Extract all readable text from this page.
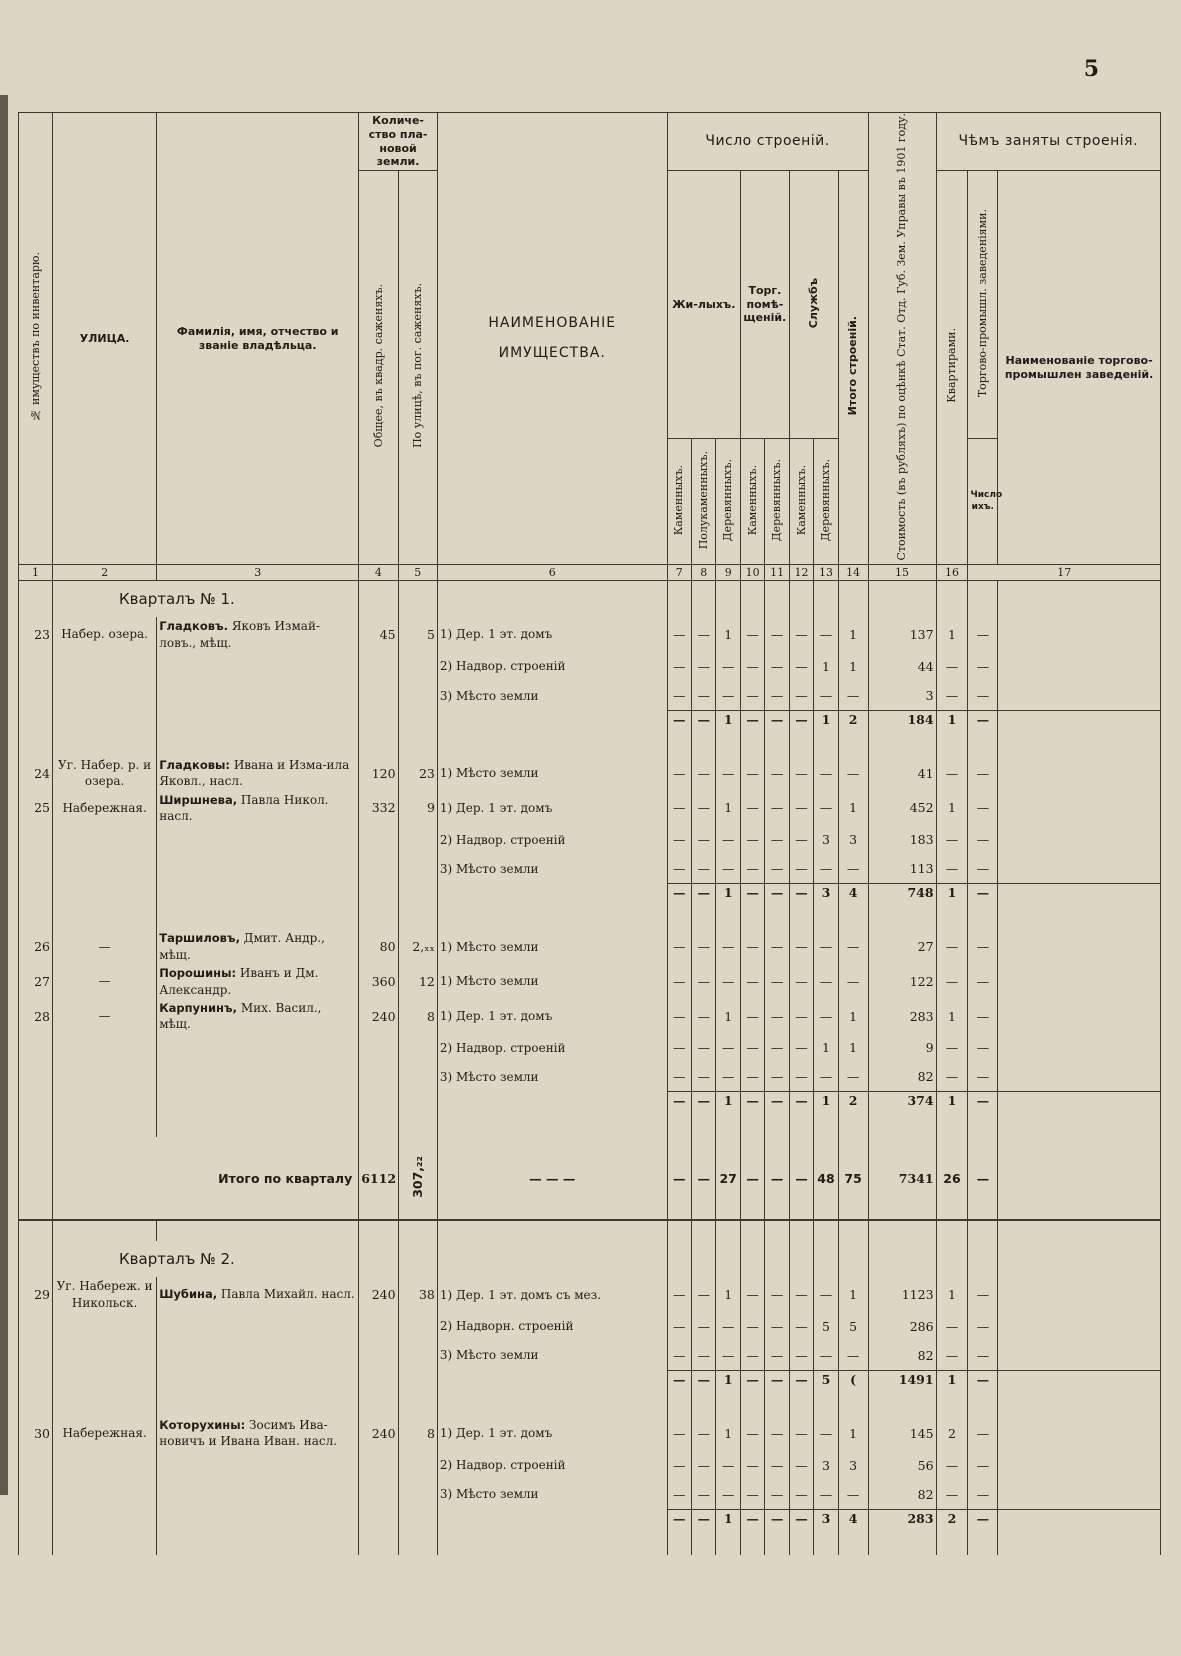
5
№ имуществъ по инвентарю.	УЛИЦА.	Фамилія, имя, отчество и званіе владѣльца.	Количе-ство пла-новой земли.		НАИМЕНОВАНІЕ ИМУЩЕСТВА.	Число строеній.								Стоимость (въ рубляхъ) по оцѣнкѣ Стат. Отд. Губ. Зем. Управы въ 1901 году.	Чѣмъ заняты строенія.		
			Общее, въ квадр. саженяхъ.	По улицѣ, въ пог. саженяхъ.		Жи-лыхъ.			Торг. помѣ-щеній.		Службъ		Итого строеній.		Квартирами.	Торгово-промышл. заведеніями.	Наименованіе торгово-промышлен заведеній.
						Каменныхъ.	Полукаменныхъ.	Деревянныхъ.	Каменныхъ.	Деревянныхъ.	Каменныхъ.	Деревянныхъ.				Число ихъ.	
1	2	3	4	5	6	7	8	9	10	11	12	13	14	15	16	17	
	Кварталъ № 1.																
23	Набер. озера.	Гладковъ. Яковъ Измай-ловъ., мѣщ.	45	5	1) Дер. 1 эт. домъ	—	—	1	—	—	—	—	1	137	1	—	
					2) Надвор. строеній	—	—	—	—	—	—	1	1	44	—	—	
					3) Мѣсто земли	—	—	—	—	—	—	—	—	3	—	—	
						—	—	1	—	—	—	1	2	184	1	—	

24	Уг. Набер. р. и озера.	Гладковы: Ивана и Изма-ила Яковл., насл.	120	23	1) Мѣсто земли	—	—	—	—	—	—	—	—	41	—	—	
25	Набережная.	Ширшнева, Павла Никол. насл.	332	9	1) Дер. 1 эт. домъ	—	—	1	—	—	—	—	1	452	1	—	
					2) Надвор. строеній	—	—	—	—	—	—	3	3	183	—	—	
					3) Мѣсто земли	—	—	—	—	—	—	—	—	113	—	—	
						—	—	1	—	—	—	3	4	748	1	—	

26	—	Таршиловъ, Дмит. Андр., мѣщ.	80	2,ₓₓ	1) Мѣсто земли	—	—	—	—	—	—	—	—	27	—	—	
27	—	Порошины: Иванъ и Дм. Александр.	360	12	1) Мѣсто земли	—	—	—	—	—	—	—	—	122	—	—	
28	—	Карпунинъ, Мих. Васил., мѣщ.	240	8	1) Дер. 1 эт. домъ	—	—	1	—	—	—	—	1	283	1	—	
					2) Надвор. строеній	—	—	—	—	—	—	1	1	9	—	—	
					3) Мѣсто земли	—	—	—	—	—	—	—	—	82	—	—	
						—	—	1	—	—	—	1	2	374	1	—	

	Итого по кварталу		6112	307,₂₂	— — —	—	—	27	—	—	—	48	75	7341	26	—	

	Кварталъ № 2.																
29	Уг. Набереж. и Никольск.	Шубина, Павла Михайл. насл.	240	38	1) Дер. 1 эт. домъ съ мез.	—	—	1	—	—	—	—	1	1123	1	—	
					2) Надворн. строеній	—	—	—	—	—	—	5	5	286	—	—	
					3) Мѣсто земли	—	—	—	—	—	—	—	—	82	—	—	
						—	—	1	—	—	—	5	(	1491	1	—	

30	Набережная.	Которухины: Зосимъ Ива-новичъ и Ивана Иван. насл.	240	8	1) Дер. 1 эт. домъ	—	—	1	—	—	—	—	1	145	2	—	
					2) Надвор. строеній	—	—	—	—	—	—	3	3	56	—	—	
					3) Мѣсто земли	—	—	—	—	—	—	—	—	82	—	—	
						—	—	1	—	—	—	3	4	283	2	—	
